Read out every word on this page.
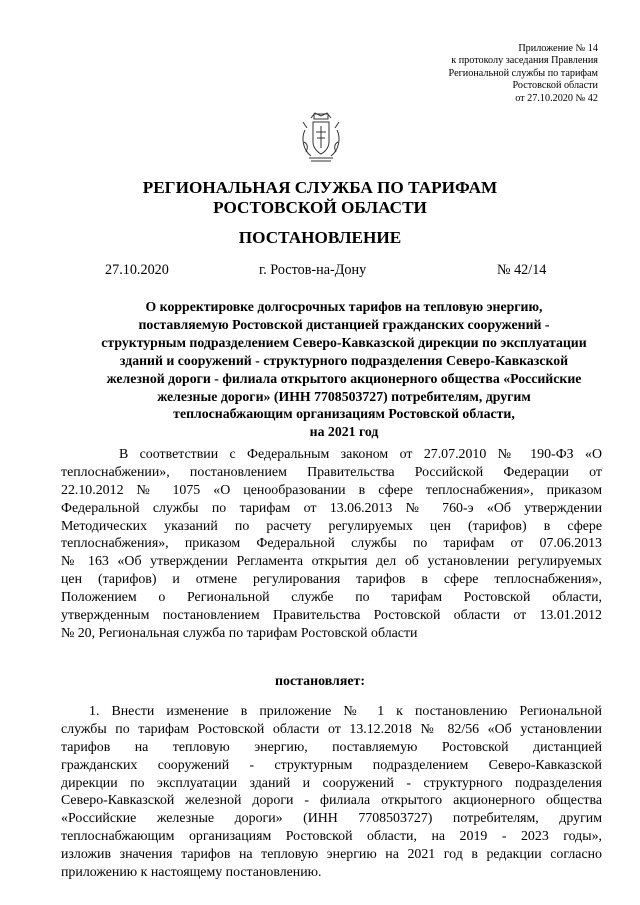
Приложение № 14
к протоколу заседания Правления
Региональной службы по тарифам
Ростовской области
от 27.10.2020 № 42
РЕГИОНАЛЬНАЯ СЛУЖБА ПО ТАРИФАМ
РОСТОВСКОЙ ОБЛАСТИ
ПОСТАНОВЛЕНИЕ
27.10.2020	г. Ростов-на-Дону	№ 42/14
О корректировке долгосрочных тарифов на тепловую энергию,
поставляемую Ростовской дистанцией гражданских сооружений -
структурным подразделением Северо-Кавказской дирекции по эксплуатации
зданий и сооружений - структурного подразделения Северо-Кавказской
железной дороги - филиала открытого акционерного общества «Российские
железные дороги» (ИНН 7708503727) потребителям, другим
теплоснабжающим организациям Ростовской области,
на 2021 год
В соответствии с Федеральным законом от 27.07.2010 № 190-ФЗ «О
теплоснабжении», постановлением Правительства Российской Федерации от
22.10.2012 № 1075 «О ценообразовании в сфере теплоснабжения», приказом
Федеральной службы по тарифам от 13.06.2013 № 760-э «Об утверждении
Методических указаний по расчету регулируемых цен (тарифов) в сфере
теплоснабжения», приказом Федеральной службы по тарифам от 07.06.2013
№ 163 «Об утверждении Регламента открытия дел об установлении регулируемых
цен (тарифов) и отмене регулирования тарифов в сфере теплоснабжения»,
Положением о Региональной службе по тарифам Ростовской области,
утвержденным постановлением Правительства Ростовской области от 13.01.2012
№ 20, Региональная служба по тарифам Ростовской области
постановляет:
1. Внести изменение в приложение № 1 к постановлению Региональной
службы по тарифам Ростовской области от 13.12.2018 № 82/56 «Об установлении
тарифов на тепловую энергию, поставляемую Ростовской дистанцией
гражданских сооружений - структурным подразделением Северо-Кавказской
дирекции по эксплуатации зданий и сооружений - структурного подразделения
Северо-Кавказской железной дороги - филиала открытого акционерного общества
«Российские железные дороги» (ИНН 7708503727) потребителям, другим
теплоснабжающим организациям Ростовской области, на 2019 - 2023 годы»,
изложив значения тарифов на тепловую энергию на 2021 год в редакции согласно
приложению к настоящему постановлению.
